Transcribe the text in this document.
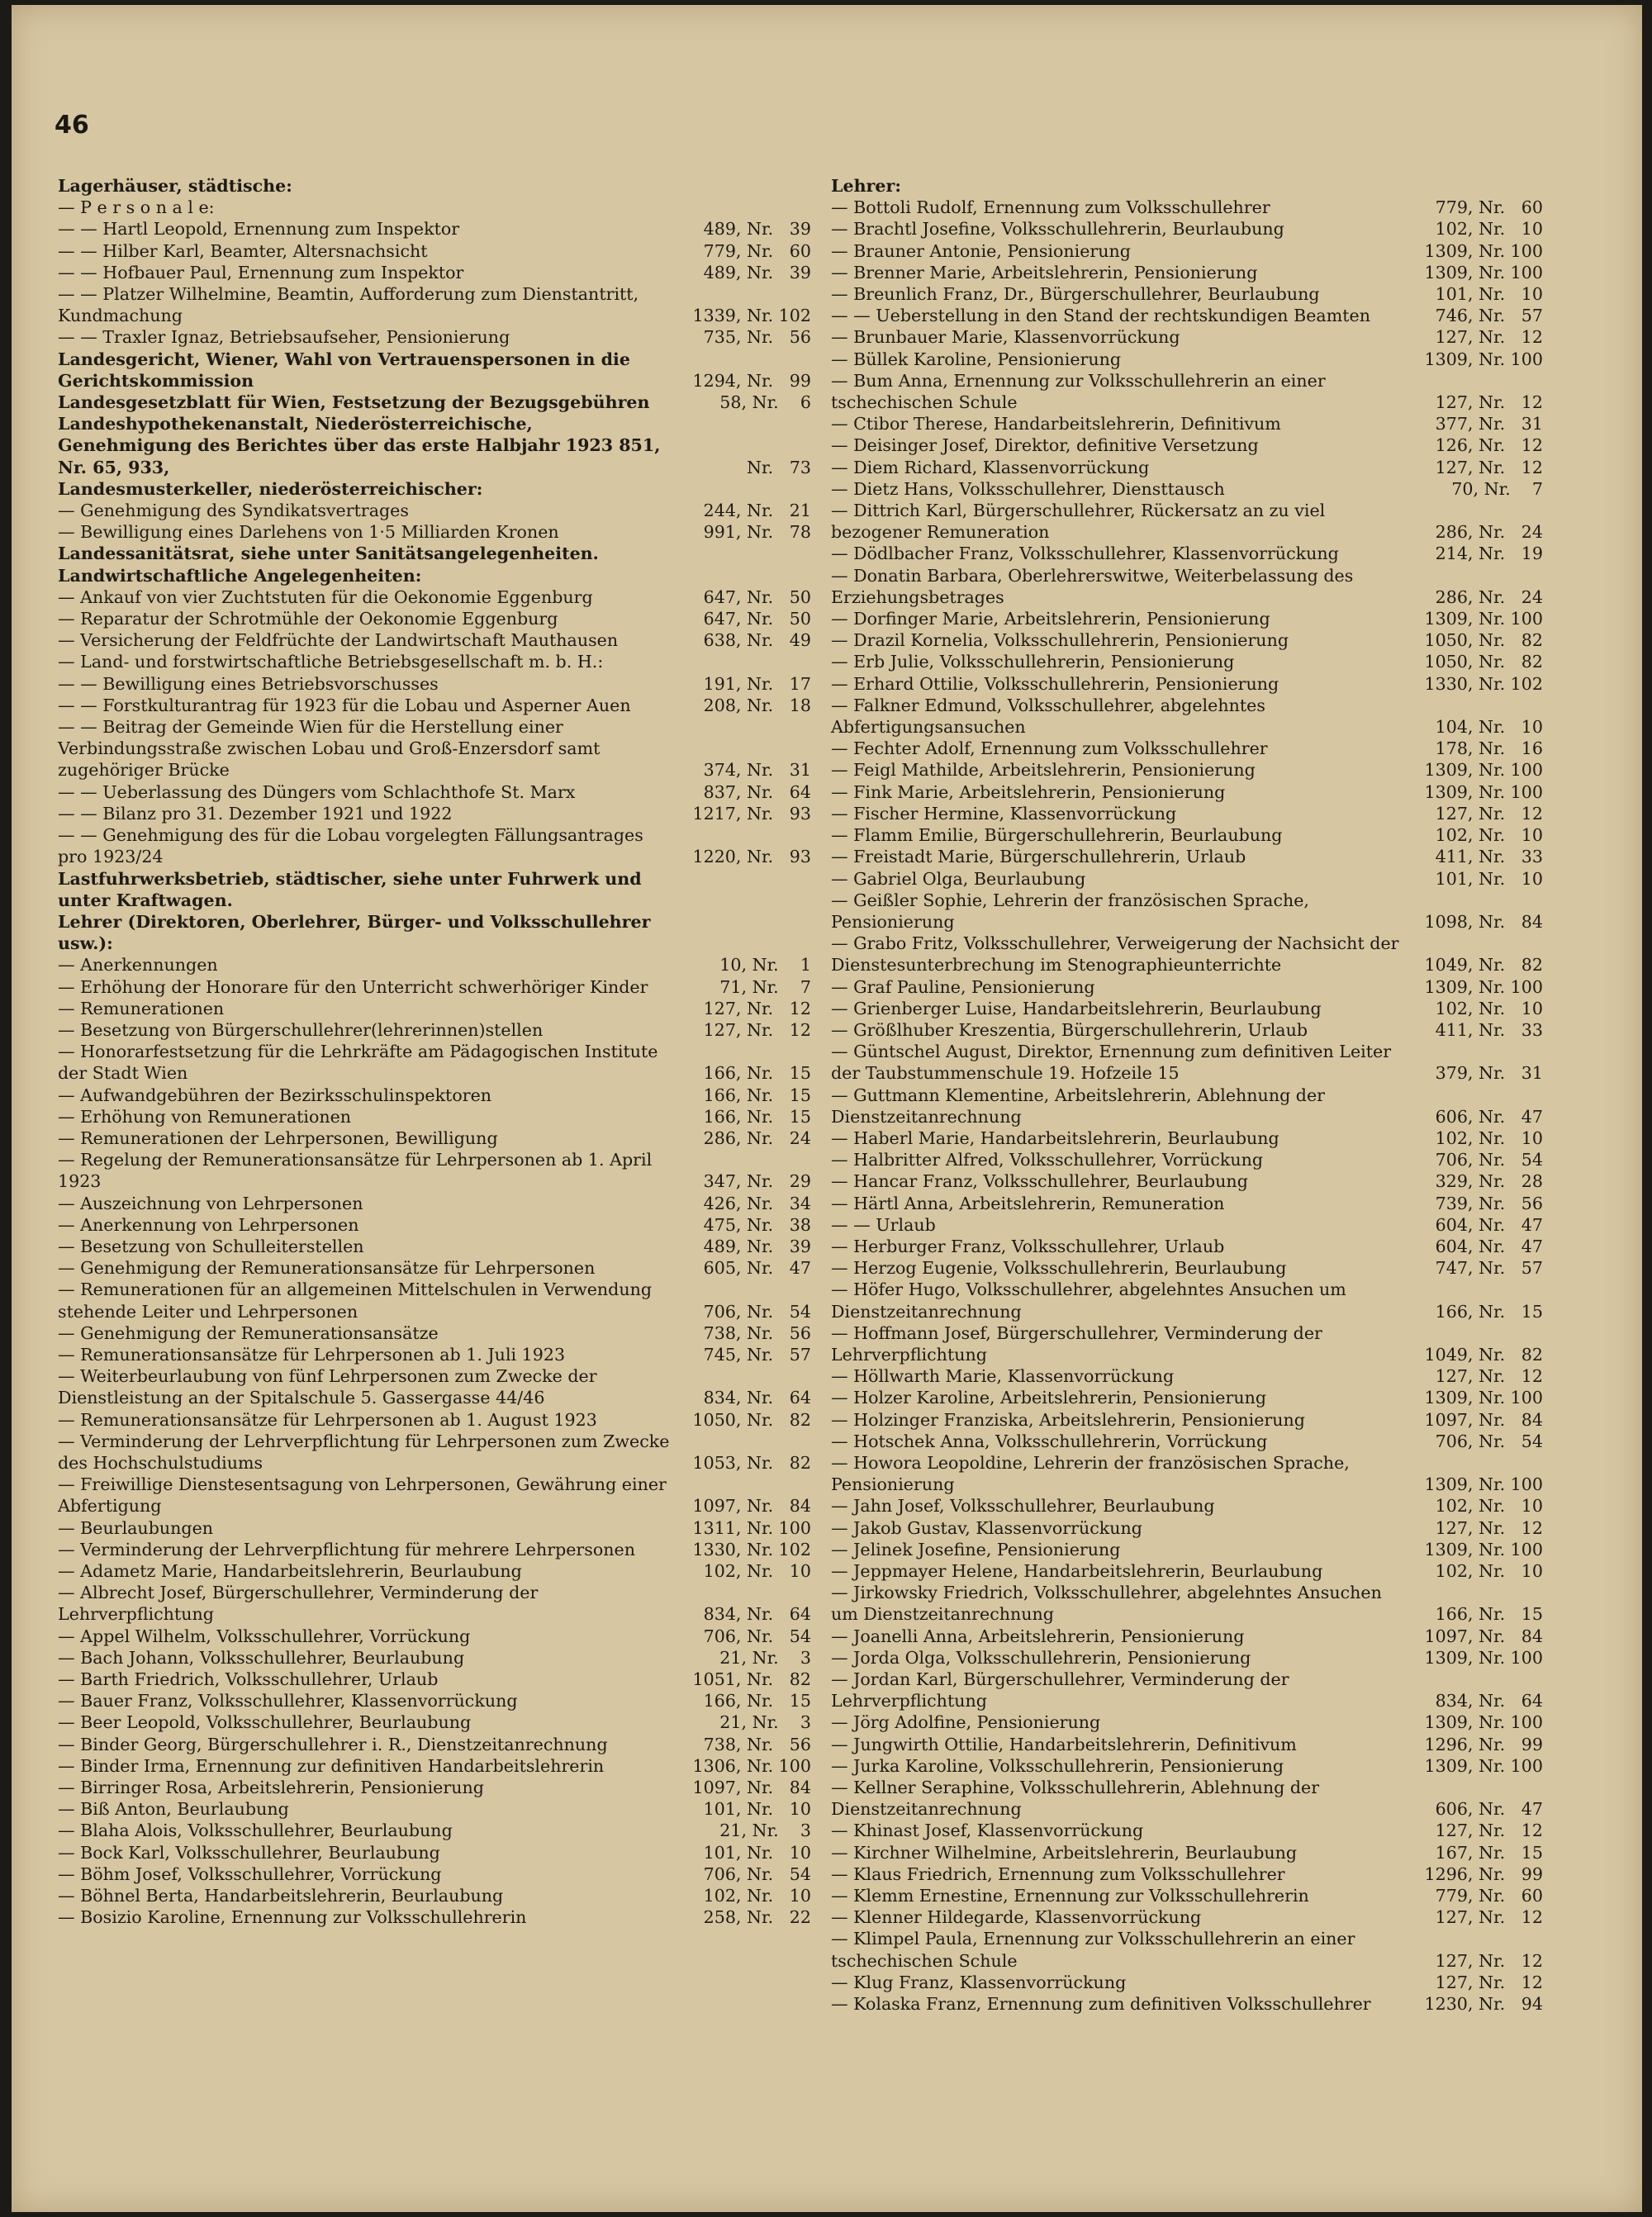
46
Lagerhäuser, städtische:
— P e r s o n a l e:
— — Hartl Leopold, Ernennung zum Inspektor	489, Nr.   39
— — Hilber Karl, Beamter, Altersnachsicht	779, Nr.   60
— — Hofbauer Paul, Ernennung zum Inspektor	489, Nr.   39
— — Platzer Wilhelmine, Beamtin, Aufforderung zum Dienstantritt, Kundmachung	1339, Nr. 102
— — Traxler Ignaz, Betriebsaufseher, Pensionierung	735, Nr.   56
Landesgericht, Wiener, Wahl von Vertrauenspersonen in die Gerichtskommission	1294, Nr.   99
Landesgesetzblatt für Wien, Festsetzung der Bezugsgebühren	58, Nr.    6
Landeshypothekenanstalt, Niederösterreichische, Genehmigung des Berichtes über das erste Halbjahr 1923 851, Nr. 65, 933,	Nr.   73
Landesmusterkeller, niederösterreichischer:
— Genehmigung des Syndikatsvertrages	244, Nr.   21
— Bewilligung eines Darlehens von 1·5 Milliarden Kronen	991, Nr.   78
Landessanitätsrat, siehe unter Sanitätsangelegenheiten.
Landwirtschaftliche Angelegenheiten:
— Ankauf von vier Zuchtstuten für die Oekonomie Eggenburg	647, Nr.   50
— Reparatur der Schrotmühle der Oekonomie Eggenburg	647, Nr.   50
— Versicherung der Feldfrüchte der Landwirtschaft Mauthausen	638, Nr.   49
— Land- und forstwirtschaftliche Betriebsgesellschaft m. b. H.:
— — Bewilligung eines Betriebsvorschusses	191, Nr.   17
— — Forstkulturantrag für 1923 für die Lobau und Asperner Auen	208, Nr.   18
— — Beitrag der Gemeinde Wien für die Herstellung einer Verbindungsstraße zwischen Lobau und Groß-Enzersdorf samt zugehöriger Brücke	374, Nr.   31
— — Ueberlassung des Düngers vom Schlachthofe St. Marx	837, Nr.   64
— — Bilanz pro 31. Dezember 1921 und 1922	1217, Nr.   93
— — Genehmigung des für die Lobau vorgelegten Fällungsantrages pro 1923/24	1220, Nr.   93
Lastfuhrwerksbetrieb, städtischer, siehe unter Fuhrwerk und unter Kraftwagen.
Lehrer (Direktoren, Oberlehrer, Bürger- und Volksschullehrer usw.):
— Anerkennungen	10, Nr.    1
— Erhöhung der Honorare für den Unterricht schwerhöriger Kinder	71, Nr.    7
— Remunerationen	127, Nr.   12
— Besetzung von Bürgerschullehrer(lehrerinnen)stellen	127, Nr.   12
— Honorarfestsetzung für die Lehrkräfte am Pädagogischen Institute der Stadt Wien	166, Nr.   15
— Aufwandgebühren der Bezirksschulinspektoren	166, Nr.   15
— Erhöhung von Remunerationen	166, Nr.   15
— Remunerationen der Lehrpersonen, Bewilligung	286, Nr.   24
— Regelung der Remunerationsansätze für Lehrpersonen ab 1. April 1923	347, Nr.   29
— Auszeichnung von Lehrpersonen	426, Nr.   34
— Anerkennung von Lehrpersonen	475, Nr.   38
— Besetzung von Schulleiterstellen	489, Nr.   39
— Genehmigung der Remunerationsansätze für Lehrpersonen	605, Nr.   47
— Remunerationen für an allgemeinen Mittelschulen in Verwendung stehende Leiter und Lehrpersonen	706, Nr.   54
— Genehmigung der Remunerationsansätze	738, Nr.   56
— Remunerationsansätze für Lehrpersonen ab 1. Juli 1923	745, Nr.   57
— Weiterbeurlaubung von fünf Lehrpersonen zum Zwecke der Dienstleistung an der Spitalschule 5. Gassergasse 44/46	834, Nr.   64
— Remunerationsansätze für Lehrpersonen ab 1. August 1923	1050, Nr.   82
— Verminderung der Lehrverpflichtung für Lehrpersonen zum Zwecke des Hochschulstudiums	1053, Nr.   82
— Freiwillige Dienstesentsagung von Lehrpersonen, Gewährung einer Abfertigung	1097, Nr.   84
— Beurlaubungen	1311, Nr. 100
— Verminderung der Lehrverpflichtung für mehrere Lehrpersonen	1330, Nr. 102
— Adametz Marie, Handarbeitslehrerin, Beurlaubung	102, Nr.   10
— Albrecht Josef, Bürgerschullehrer, Verminderung der Lehrverpflichtung	834, Nr.   64
— Appel Wilhelm, Volksschullehrer, Vorrückung	706, Nr.   54
— Bach Johann, Volksschullehrer, Beurlaubung	21, Nr.    3
— Barth Friedrich, Volksschullehrer, Urlaub	1051, Nr.   82
— Bauer Franz, Volksschullehrer, Klassenvorrückung	166, Nr.   15
— Beer Leopold, Volksschullehrer, Beurlaubung	21, Nr.    3
— Binder Georg, Bürgerschullehrer i. R., Dienstzeitanrechnung	738, Nr.   56
— Binder Irma, Ernennung zur definitiven Handarbeitslehrerin	1306, Nr. 100
— Birringer Rosa, Arbeitslehrerin, Pensionierung	1097, Nr.   84
— Biß Anton, Beurlaubung	101, Nr.   10
— Blaha Alois, Volksschullehrer, Beurlaubung	21, Nr.    3
— Bock Karl, Volksschullehrer, Beurlaubung	101, Nr.   10
— Böhm Josef, Volksschullehrer, Vorrückung	706, Nr.   54
— Böhnel Berta, Handarbeitslehrerin, Beurlaubung	102, Nr.   10
— Bosizio Karoline, Ernennung zur Volksschullehrerin	258, Nr.   22
Lehrer:
— Bottoli Rudolf, Ernennung zum Volksschullehrer	779, Nr.   60
— Brachtl Josefine, Volksschullehrerin, Beurlaubung	102, Nr.   10
— Brauner Antonie, Pensionierung	1309, Nr. 100
— Brenner Marie, Arbeitslehrerin, Pensionierung	1309, Nr. 100
— Breunlich Franz, Dr., Bürgerschullehrer, Beurlaubung	101, Nr.   10
— — Ueberstellung in den Stand der rechtskundigen Beamten	746, Nr.   57
— Brunbauer Marie, Klassenvorrückung	127, Nr.   12
— Büllek Karoline, Pensionierung	1309, Nr. 100
— Bum Anna, Ernennung zur Volksschullehrerin an einer tschechischen Schule	127, Nr.   12
— Ctibor Therese, Handarbeitslehrerin, Definitivum	377, Nr.   31
— Deisinger Josef, Direktor, definitive Versetzung	126, Nr.   12
— Diem Richard, Klassenvorrückung	127, Nr.   12
— Dietz Hans, Volksschullehrer, Diensttausch	70, Nr.    7
— Dittrich Karl, Bürgerschullehrer, Rückersatz an zu viel bezogener Remuneration	286, Nr.   24
— Dödlbacher Franz, Volksschullehrer, Klassenvorrückung	214, Nr.   19
— Donatin Barbara, Oberlehrerswitwe, Weiterbelassung des Erziehungsbetrages	286, Nr.   24
— Dorfinger Marie, Arbeitslehrerin, Pensionierung	1309, Nr. 100
— Drazil Kornelia, Volksschullehrerin, Pensionierung	1050, Nr.   82
— Erb Julie, Volksschullehrerin, Pensionierung	1050, Nr.   82
— Erhard Ottilie, Volksschullehrerin, Pensionierung	1330, Nr. 102
— Falkner Edmund, Volksschullehrer, abgelehntes Abfertigungsansuchen	104, Nr.   10
— Fechter Adolf, Ernennung zum Volksschullehrer	178, Nr.   16
— Feigl Mathilde, Arbeitslehrerin, Pensionierung	1309, Nr. 100
— Fink Marie, Arbeitslehrerin, Pensionierung	1309, Nr. 100
— Fischer Hermine, Klassenvorrückung	127, Nr.   12
— Flamm Emilie, Bürgerschullehrerin, Beurlaubung	102, Nr.   10
— Freistadt Marie, Bürgerschullehrerin, Urlaub	411, Nr.   33
— Gabriel Olga, Beurlaubung	101, Nr.   10
— Geißler Sophie, Lehrerin der französischen Sprache, Pensionierung	1098, Nr.   84
— Grabo Fritz, Volksschullehrer, Verweigerung der Nachsicht der Dienstesunterbrechung im Stenographieunterrichte	1049, Nr.   82
— Graf Pauline, Pensionierung	1309, Nr. 100
— Grienberger Luise, Handarbeitslehrerin, Beurlaubung	102, Nr.   10
— Größlhuber Kreszentia, Bürgerschullehrerin, Urlaub	411, Nr.   33
— Güntschel August, Direktor, Ernennung zum definitiven Leiter der Taubstummenschule 19. Hofzeile 15	379, Nr.   31
— Guttmann Klementine, Arbeitslehrerin, Ablehnung der Dienstzeitanrechnung	606, Nr.   47
— Haberl Marie, Handarbeitslehrerin, Beurlaubung	102, Nr.   10
— Halbritter Alfred, Volksschullehrer, Vorrückung	706, Nr.   54
— Hancar Franz, Volksschullehrer, Beurlaubung	329, Nr.   28
— Härtl Anna, Arbeitslehrerin, Remuneration	739, Nr.   56
— — Urlaub	604, Nr.   47
— Herburger Franz, Volksschullehrer, Urlaub	604, Nr.   47
— Herzog Eugenie, Volksschullehrerin, Beurlaubung	747, Nr.   57
— Höfer Hugo, Volksschullehrer, abgelehntes Ansuchen um Dienstzeitanrechnung	166, Nr.   15
— Hoffmann Josef, Bürgerschullehrer, Verminderung der Lehrverpflichtung	1049, Nr.   82
— Höllwarth Marie, Klassenvorrückung	127, Nr.   12
— Holzer Karoline, Arbeitslehrerin, Pensionierung	1309, Nr. 100
— Holzinger Franziska, Arbeitslehrerin, Pensionierung	1097, Nr.   84
— Hotschek Anna, Volksschullehrerin, Vorrückung	706, Nr.   54
— Howora Leopoldine, Lehrerin der französischen Sprache, Pensionierung	1309, Nr. 100
— Jahn Josef, Volksschullehrer, Beurlaubung	102, Nr.   10
— Jakob Gustav, Klassenvorrückung	127, Nr.   12
— Jelinek Josefine, Pensionierung	1309, Nr. 100
— Jeppmayer Helene, Handarbeitslehrerin, Beurlaubung	102, Nr.   10
— Jirkowsky Friedrich, Volksschullehrer, abgelehntes Ansuchen um Dienstzeitanrechnung	166, Nr.   15
— Joanelli Anna, Arbeitslehrerin, Pensionierung	1097, Nr.   84
— Jorda Olga, Volksschullehrerin, Pensionierung	1309, Nr. 100
— Jordan Karl, Bürgerschullehrer, Verminderung der Lehrverpflichtung	834, Nr.   64
— Jörg Adolfine, Pensionierung	1309, Nr. 100
— Jungwirth Ottilie, Handarbeitslehrerin, Definitivum	1296, Nr.   99
— Jurka Karoline, Volksschullehrerin, Pensionierung	1309, Nr. 100
— Kellner Seraphine, Volksschullehrerin, Ablehnung der Dienstzeitanrechnung	606, Nr.   47
— Khinast Josef, Klassenvorrückung	127, Nr.   12
— Kirchner Wilhelmine, Arbeitslehrerin, Beurlaubung	167, Nr.   15
— Klaus Friedrich, Ernennung zum Volksschullehrer	1296, Nr.   99
— Klemm Ernestine, Ernennung zur Volksschullehrerin	779, Nr.   60
— Klenner Hildegarde, Klassenvorrückung	127, Nr.   12
— Klimpel Paula, Ernennung zur Volksschullehrerin an einer tschechischen Schule	127, Nr.   12
— Klug Franz, Klassenvorrückung	127, Nr.   12
— Kolaska Franz, Ernennung zum definitiven Volksschullehrer	1230, Nr.   94
